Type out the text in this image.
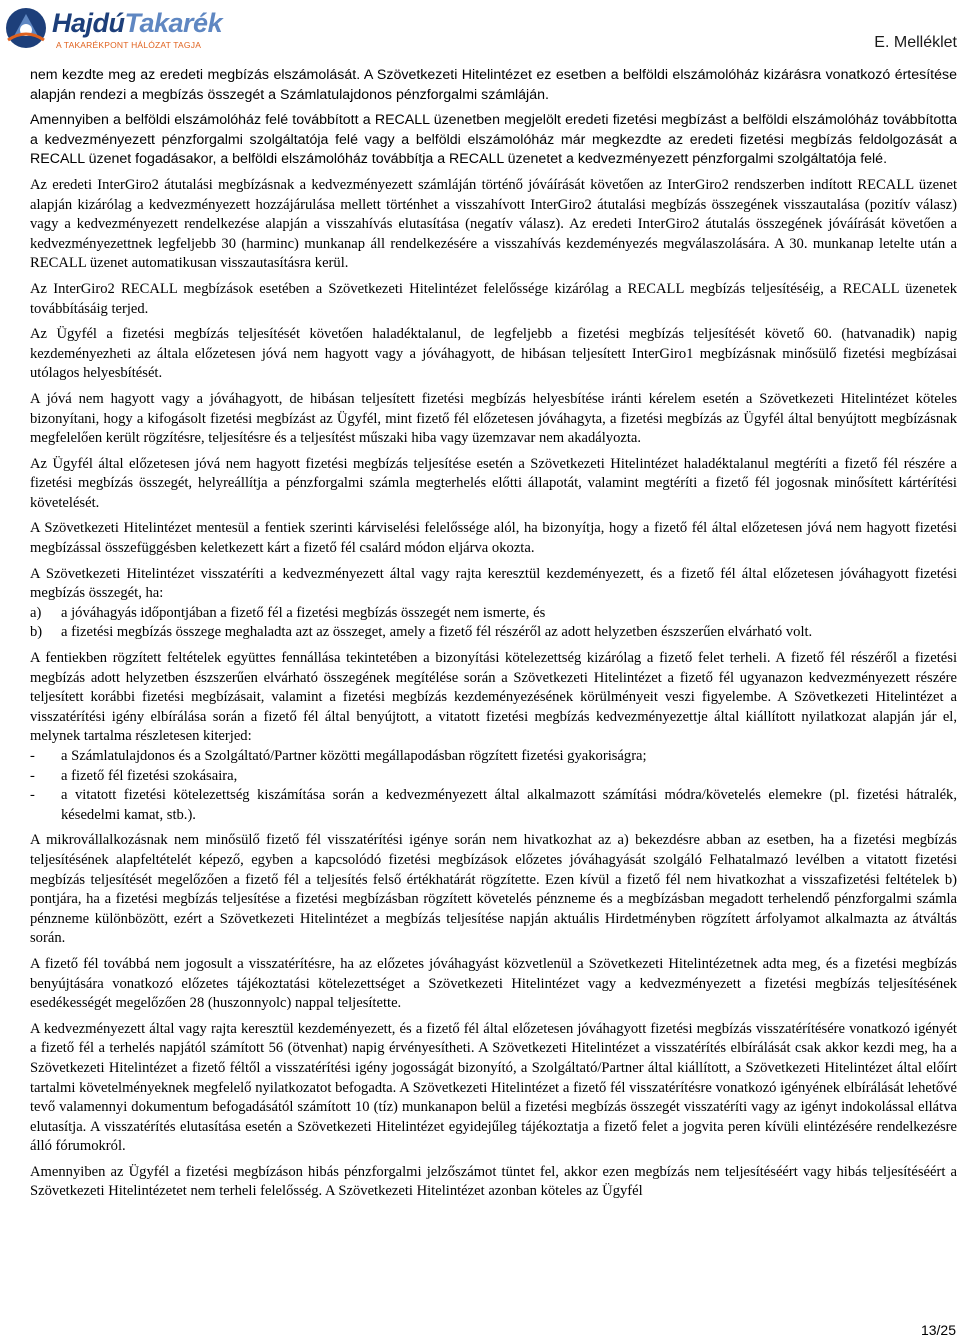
HajdúTakarék
A TAKARÉKPONT HÁLÓZAT TAGJA	E. Melléklet

nem kezdte meg az eredeti megbízás elszámolását. A Szövetkezeti Hitelintézet ez esetben a belföldi elszámolóház kizárásra vonatkozó értesítése alapján rendezi a megbízás összegét a Számlatulajdonos pénzforgalmi számláján.

Amennyiben a belföldi elszámolóház felé továbbított a RECALL üzenetben megjelölt eredeti fizetési megbízást a belföldi elszámolóház továbbította a kedvezményezett pénzforgalmi szolgáltatója felé vagy a belföldi elszámolóház már megkezdte az eredeti fizetési megbízás feldolgozását a RECALL üzenet fogadásakor, a belföldi elszámolóház továbbítja a RECALL üzenetet a kedvezményezett pénzforgalmi szolgáltatója felé.

Az eredeti InterGiro2 átutalási megbízásnak a kedvezményezett számláján történő jóváírását követően az InterGiro2 rendszerben indított RECALL üzenet alapján kizárólag a kedvezményezett hozzájárulása mellett történhet a visszahívott InterGiro2 átutalási megbízás összegének visszautalása (pozitív válasz) vagy a kedvezményezett rendelkezése alapján a visszahívás elutasítása (negatív válasz). Az eredeti InterGiro2 átutalás összegének jóváírását követően a kedvezményezettnek legfeljebb 30 (harminc) munkanap áll rendelkezésére a visszahívás kezdeményezés megválaszolására. A 30. munkanap letelte után a RECALL üzenet automatikusan visszautasításra kerül.

Az InterGiro2 RECALL megbízások esetében a Szövetkezeti Hitelintézet felelőssége kizárólag a RECALL megbízás teljesítéséig, a RECALL üzenetek továbbításáig terjed.

Az Ügyfél a fizetési megbízás teljesítését követően haladéktalanul, de legfeljebb a fizetési megbízás teljesítését követő 60. (hatvanadik) napig kezdeményezheti az általa előzetesen jóvá nem hagyott vagy a jóváhagyott, de hibásan teljesített InterGiro1 megbízásnak minősülő fizetési megbízásai utólagos helyesbítését.

A jóvá nem hagyott vagy a jóváhagyott, de hibásan teljesített fizetési megbízás helyesbítése iránti kérelem esetén a Szövetkezeti Hitelintézet köteles bizonyítani, hogy a kifogásolt fizetési megbízást az Ügyfél, mint fizető fél előzetesen jóváhagyta, a fizetési megbízás az Ügyfél által benyújtott megbízásnak megfelelően került rögzítésre, teljesítésre és a teljesítést műszaki hiba vagy üzemzavar nem akadályozta.

Az Ügyfél által előzetesen jóvá nem hagyott fizetési megbízás teljesítése esetén a Szövetkezeti Hitelintézet haladéktalanul megtéríti a fizető fél részére a fizetési megbízás összegét, helyreállítja a pénzforgalmi számla megterhelés előtti állapotát, valamint megtéríti a fizető fél jogosnak minősített kártérítési követelését.

A Szövetkezeti Hitelintézet mentesül a fentiek szerinti kárviselési felelőssége alól, ha bizonyítja, hogy a fizető fél által előzetesen jóvá nem hagyott fizetési megbízással összefüggésben keletkezett kárt a fizető fél csalárd módon eljárva okozta.

A Szövetkezeti Hitelintézet visszatéríti a kedvezményezett által vagy rajta keresztül kezdeményezett, és a fizető fél által előzetesen jóváhagyott fizetési megbízás összegét, ha:

a)	a jóváhagyás időpontjában a fizető fél a fizetési megbízás összegét nem ismerte, és
b)	a fizetési megbízás összege meghaladta azt az összeget, amely a fizető fél részéről az adott helyzetben észszerűen elvárható volt.

A fentiekben rögzített feltételek együttes fennállása tekintetében a bizonyítási kötelezettség kizárólag a fizető felet terheli. A fizető fél részéről a fizetési megbízás adott helyzetben észszerűen elvárható összegének megítélése során a Szövetkezeti Hitelintézet a fizető fél ugyanazon kedvezményezett részére teljesített korábbi fizetési megbízásait, valamint a fizetési megbízás kezdeményezésének körülményeit veszi figyelembe. A Szövetkezeti Hitelintézet a visszatérítési igény elbírálása során a fizető fél által benyújtott, a vitatott fizetési megbízás kedvezményezettje által kiállított nyilatkozat alapján jár el, melynek tartalma részletesen kiterjed:

-	a Számlatulajdonos és a Szolgáltató/Partner közötti megállapodásban rögzített fizetési gyakoriságra;
-	a fizető fél fizetési szokásaira,
-	a vitatott fizetési kötelezettség kiszámítása során a kedvezményezett által alkalmazott számítási módra/követelés elemekre (pl. fizetési hátralék, késedelmi kamat, stb.).

A mikrovállalkozásnak nem minősülő fizető fél visszatérítési igénye során nem hivatkozhat az a) bekezdésre abban az esetben, ha a fizetési megbízás teljesítésének alapfeltételét képező, egyben a kapcsolódó fizetési megbízások előzetes jóváhagyását szolgáló Felhatalmazó levélben a vitatott fizetési megbízás teljesítését megelőzően a fizető fél a teljesítés felső értékhatárát rögzítette. Ezen kívül a fizető fél nem hivatkozhat a visszafizetési feltételek b) pontjára, ha a fizetési megbízás teljesítése a fizetési megbízásban rögzített követelés pénzneme és a megbízásban megadott terhelendő pénzforgalmi számla pénzneme különbözött, ezért a Szövetkezeti Hitelintézet a megbízás teljesítése napján aktuális Hirdetményben rögzített árfolyamot alkalmazta az átváltás során.

A fizető fél továbbá nem jogosult a visszatérítésre, ha az előzetes jóváhagyást közvetlenül a Szövetkezeti Hitelintézetnek adta meg, és a fizetési megbízás benyújtására vonatkozó előzetes tájékoztatási kötelezettséget a Szövetkezeti Hitelintézet vagy a kedvezményezett a fizetési megbízás teljesítésének esedékességét megelőzően 28 (huszonnyolc) nappal teljesítette.

A kedvezményezett által vagy rajta keresztül kezdeményezett, és a fizető fél által előzetesen jóváhagyott fizetési megbízás visszatérítésére vonatkozó igényét a fizető fél a terhelés napjától számított 56 (ötvenhat) napig érvényesítheti. A Szövetkezeti Hitelintézet a visszatérítés elbírálását csak akkor kezdi meg, ha a Szövetkezeti Hitelintézet a fizető féltől a visszatérítési igény jogosságát bizonyító, a Szolgáltató/Partner által kiállított, a Szövetkezeti Hitelintézet által előírt tartalmi követelményeknek megfelelő nyilatkozatot befogadta. A Szövetkezeti Hitelintézet a fizető fél visszatérítésre vonatkozó igényének elbírálását lehetővé tevő valamennyi dokumentum befogadásától számított 10 (tíz) munkanapon belül a fizetési megbízás összegét visszatéríti vagy az igényt indokolással ellátva elutasítja. A visszatérítés elutasítása esetén a Szövetkezeti Hitelintézet egyidejűleg tájékoztatja a fizető felet a jogvita peren kívüli elintézésére rendelkezésre álló fórumokról.

Amennyiben az Ügyfél a fizetési megbízáson hibás pénzforgalmi jelzőszámot tüntet fel, akkor ezen megbízás nem teljesítéséért vagy hibás teljesítéséért a Szövetkezeti Hitelintézetet nem terheli felelősség. A Szövetkezeti Hitelintézet azonban köteles az Ügyfél

13/25
